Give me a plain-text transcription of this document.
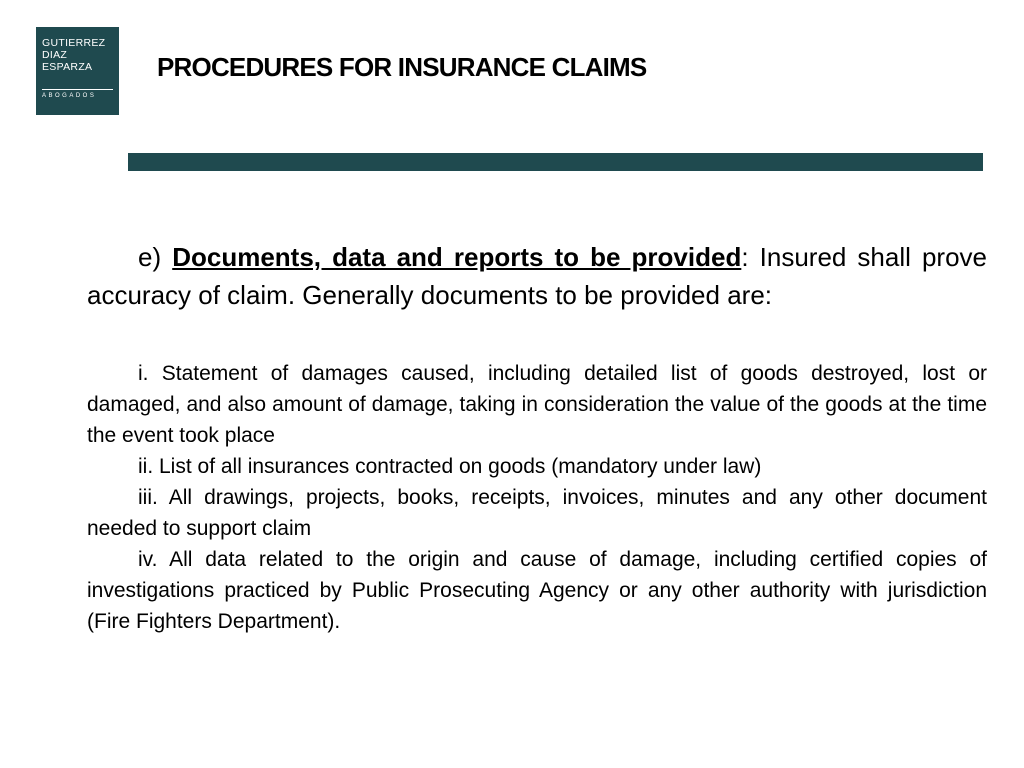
GUTIERREZ
DIAZ
ESPARZA
ABOGADOS
PROCEDURES FOR INSURANCE CLAIMS

e) Documents, data and reports to be provided: Insured shall prove accuracy of claim. Generally documents to be provided are:

i. Statement of damages caused, including detailed list of goods destroyed, lost or damaged, and also amount of damage, taking in consideration the value of the goods at the time the event took place

ii. List of all insurances contracted on goods (mandatory under law)

iii. All drawings, projects, books, receipts, invoices, minutes and any other document needed to support claim

iv. All data related to the origin and cause of damage, including certified copies of investigations practiced by Public Prosecuting Agency or any other authority with jurisdiction (Fire Fighters Department).
